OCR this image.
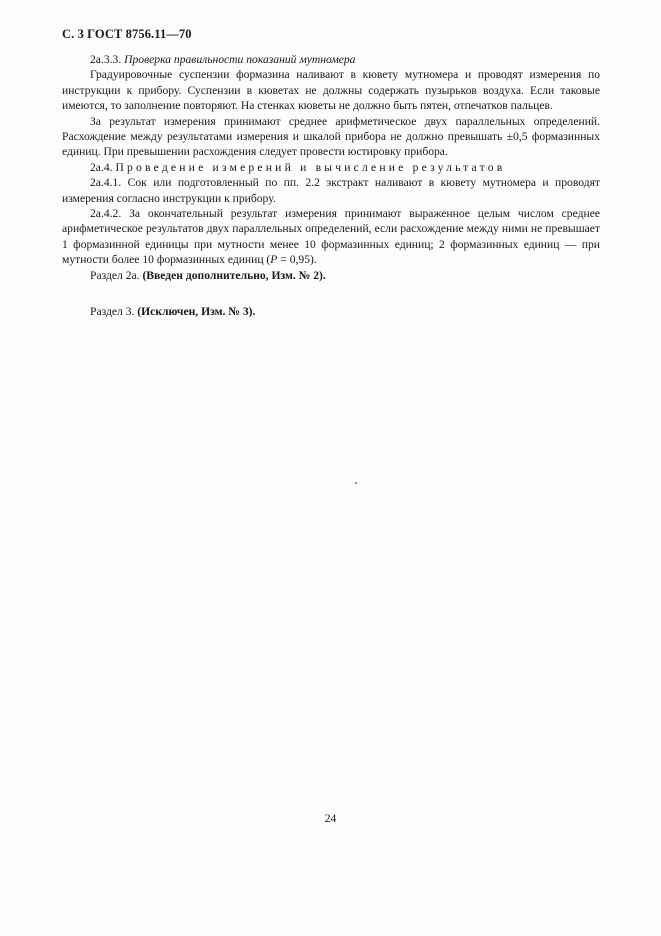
С. 3 ГОСТ 8756.11—70

2а.3.3. Проверка правильности показаний мутномера

Градуировочные суспензии формазина наливают в кювету мутномера и проводят измерения по инструкции к прибору. Суспензии в кюветах не должны содержать пузырьков воздуха. Если таковые имеются, то заполнение повторяют. На стенках кюветы не должно быть пятен, отпечатков пальцев.

За результат измерения принимают среднее арифметическое двух параллельных определений. Расхождение между результатами измерения и шкалой прибора не должно превышать ±0,5 формазинных единиц. При превышении расхождения следует провести юстировку прибора.

2а.4. Проведение измерений и вычисление результатов

2а.4.1. Сок или подготовленный по пп. 2.2 экстракт наливают в кювету мутномера и проводят измерения согласно инструкции к прибору.

2а.4.2. За окончательный результат измерения принимают выраженное целым числом среднее арифметическое результатов двух параллельных определений, если расхождение между ними не превышает 1 формазинной единицы при мутности менее 10 формазинных единиц; 2 формазинных единиц — при мутности более 10 формазинных единиц (P = 0,95).

Раздел 2а. (Введен дополнительно, Изм. № 2).

Раздел 3. (Исключен, Изм. № 3).

24
